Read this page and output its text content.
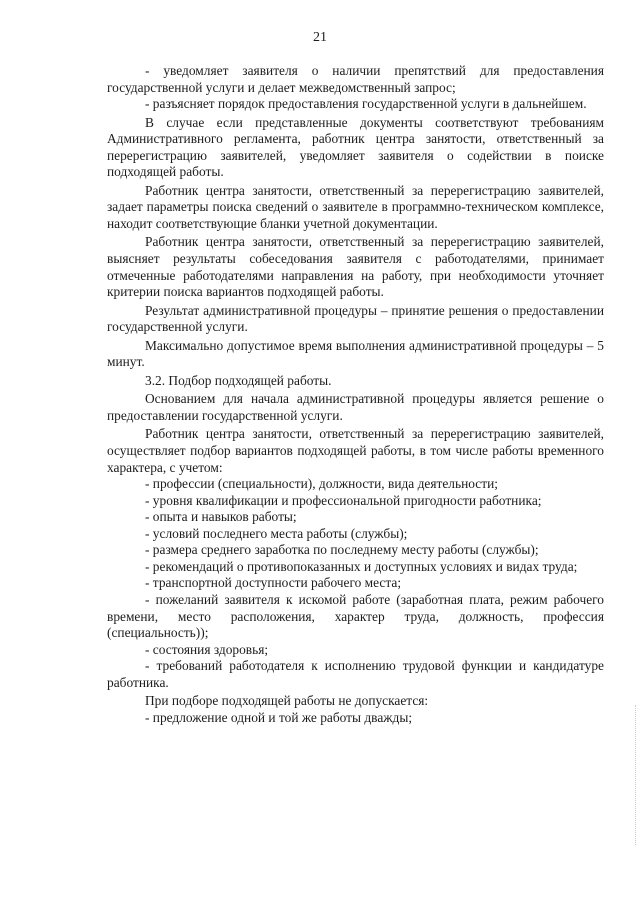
21

- уведомляет заявителя о наличии препятствий для предоставления государственной услуги и делает межведомственный запрос;

- разъясняет порядок предоставления государственной услуги в дальнейшем.

В случае если представленные документы соответствуют требованиям Административного регламента, работник центра занятости, ответственный за перерегистрацию заявителей, уведомляет заявителя о содействии в поиске подходящей работы.

Работник центра занятости, ответственный за перерегистрацию заявителей, задает параметры поиска сведений о заявителе в программно-техническом комплексе, находит соответствующие бланки учетной документации.

Работник центра занятости, ответственный за перерегистрацию заявителей, выясняет результаты собеседования заявителя с работодателями, принимает отмеченные работодателями направления на работу, при необходимости уточняет критерии поиска вариантов подходящей работы.

Результат административной процедуры – принятие решения о предоставлении государственной услуги.

Максимально допустимое время выполнения административной процедуры – 5 минут.

3.2. Подбор подходящей работы.

Основанием для начала административной процедуры является решение о предоставлении государственной услуги.

Работник центра занятости, ответственный за перерегистрацию заявителей, осуществляет подбор вариантов подходящей работы, в том числе работы временного характера, с учетом:

- профессии (специальности), должности, вида деятельности;

- уровня квалификации и профессиональной пригодности работника;

- опыта и навыков работы;

- условий последнего места работы (службы);

- размера среднего заработка по последнему месту работы (службы);

- рекомендаций о противопоказанных и доступных условиях и видах труда;

- транспортной доступности рабочего места;

- пожеланий заявителя к искомой работе (заработная плата, режим рабочего времени, место расположения, характер труда, должность, профессия (специальность));

- состояния здоровья;

- требований работодателя к исполнению трудовой функции и кандидатуре работника.

При подборе подходящей работы не допускается:

- предложение одной и той же работы дважды;
